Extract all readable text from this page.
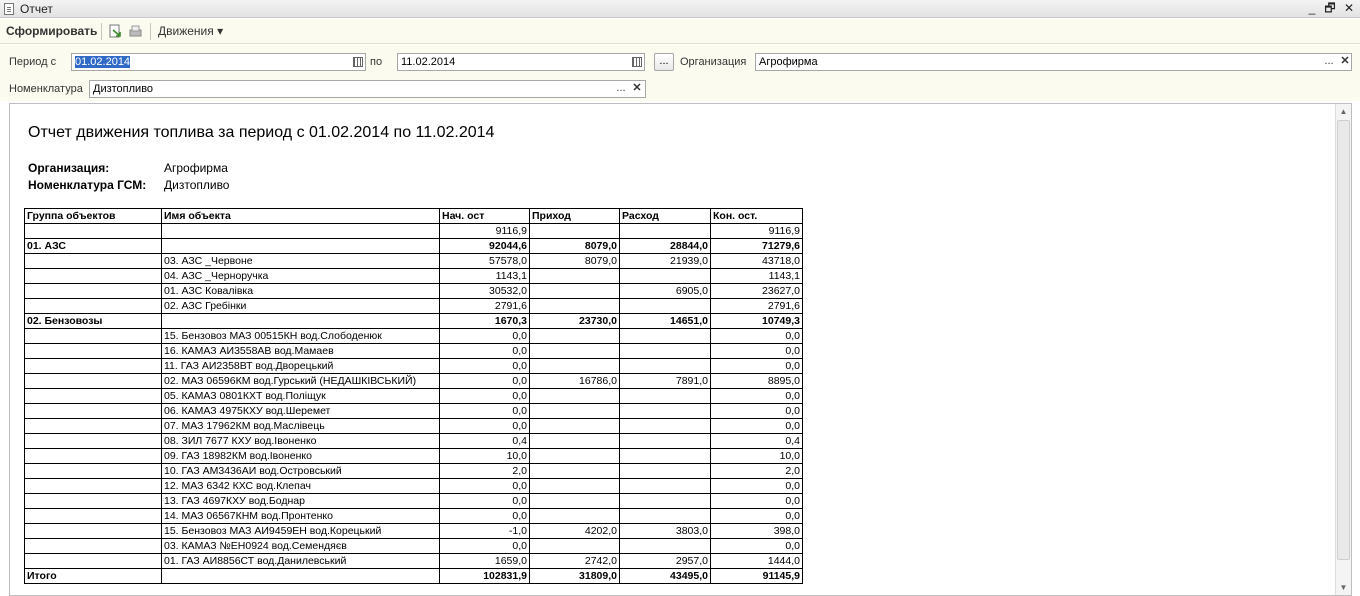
Отчет	_ 🗗 ✕
Сформировать	Движения ▾
Период с	01.02.2014	по	11.02.2014	...	Организация	Агрофирма	... ✕
Номенклатура Дизтопливо	... ✕
Отчет движения топлива за период с 01.02.2014 по 11.02.2014
Организация:	Агрофирма
Номенклатура ГСМ: Дизтопливо
Группа объектов	Имя объекта	Нач. ост	Приход	Расход	Кон. ост.
		9116,9			9116,9
01. АЗС		92044,6	8079,0	28844,0	71279,6
	03. АЗС _Червоне	57578,0	8079,0	21939,0	43718,0
	04. АЗС _Черноручка	1143,1			1143,1
	01. АЗС Ковалівка	30532,0		6905,0	23627,0
	02. АЗС Гребінки	2791,6			2791,6
02. Бензовозы		1670,3	23730,0	14651,0	10749,3
	15. Бензовоз МАЗ 00515КН вод.Слободенюк	0,0			0,0
	16. КАМАЗ АИ3558АВ вод.Мамаев	0,0			0,0
	11. ГАЗ АИ2358ВТ вод.Дворецький	0,0			0,0
	02. МАЗ 06596КМ вод.Гурський (НЕДАШКІВСЬКИЙ)	0,0	16786,0	7891,0	8895,0
	05. КАМАЗ 0801КХТ вод.Поліщук	0,0			0,0
	06. КАМАЗ 4975КХУ вод.Шеремет	0,0			0,0
	07. МАЗ 17962КМ вод.Маслівець	0,0			0,0
	08. ЗИЛ 7677 КХУ вод.Івоненко	0,4			0,4
	09. ГАЗ 18982КМ вод.Івоненко	10,0			10,0
	10. ГАЗ АМ3436АИ вод.Островський	2,0			2,0
	12. МАЗ 6342 КХС вод.Клепач	0,0			0,0
	13. ГАЗ 4697КХУ вод.Боднар	0,0			0,0
	14. МАЗ 06567КНМ вод.Пронтенко	0,0			0,0
	15. Бензовоз МАЗ АИ9459ЕН вод.Корецький	-1,0	4202,0	3803,0	398,0
	03. КАМАЗ №ЕН0924 вод.Семендяєв	0,0			0,0
	01. ГАЗ АИ8856СТ вод.Данилевський	1659,0	2742,0	2957,0	1444,0
Итого		102831,9	31809,0	43495,0	91145,9
▲
▼
